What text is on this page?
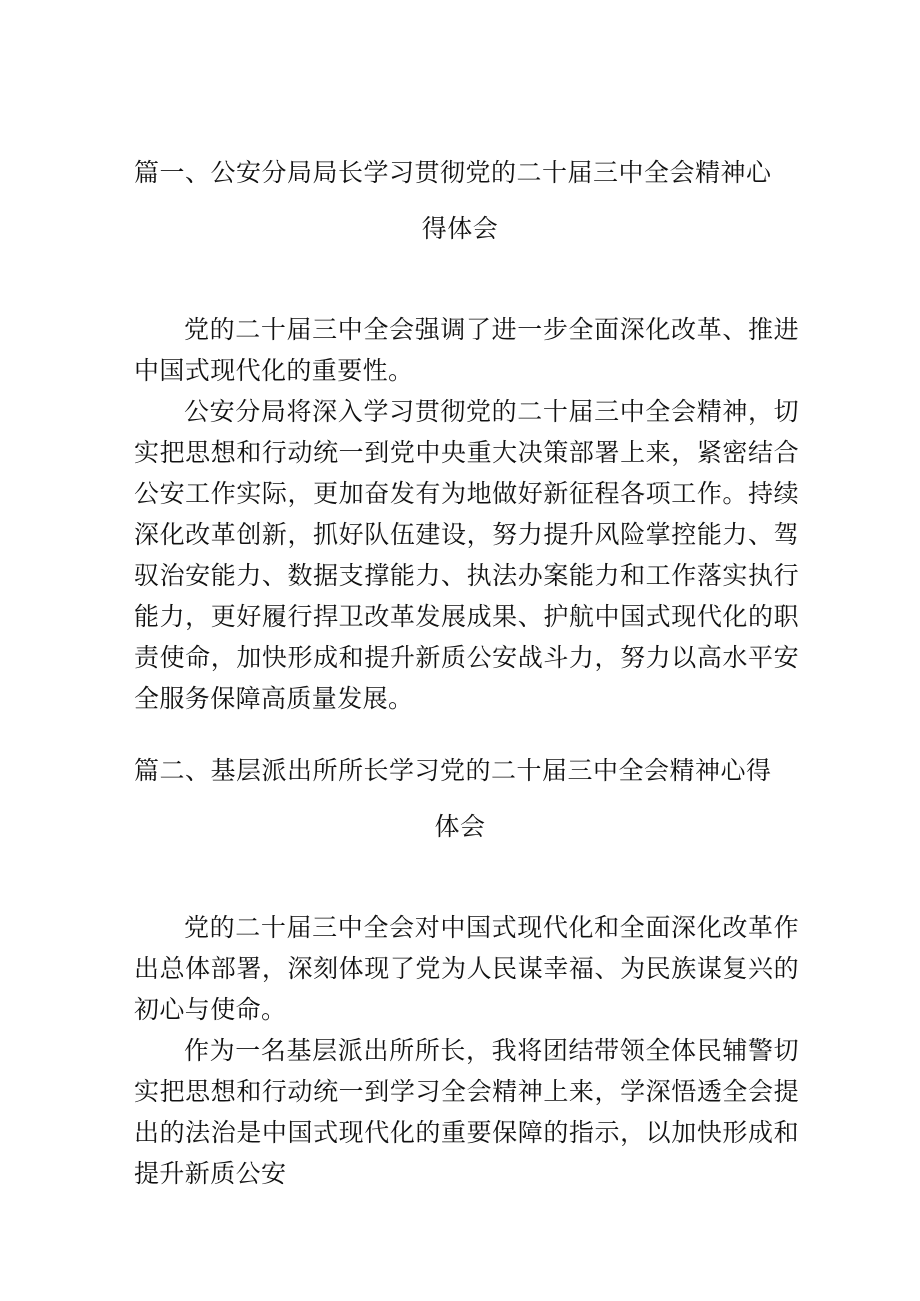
篇一、公安分局局长学习贯彻党的二十届三中全会精神心
得体会

党的二十届三中全会强调了进一步全面深化改革、推进中国式现代化的重要性。

公安分局将深入学习贯彻党的二十届三中全会精神，切实把思想和行动统一到党中央重大决策部署上来，紧密结合公安工作实际，更加奋发有为地做好新征程各项工作。持续深化改革创新，抓好队伍建设，努力提升风险掌控能力、驾驭治安能力、数据支撑能力、执法办案能力和工作落实执行能力，更好履行捍卫改革发展成果、护航中国式现代化的职责使命，加快形成和提升新质公安战斗力，努力以高水平安全服务保障高质量发展。

篇二、基层派出所所长学习党的二十届三中全会精神心得
体会

党的二十届三中全会对中国式现代化和全面深化改革作出总体部署，深刻体现了党为人民谋幸福、为民族谋复兴的初心与使命。

作为一名基层派出所所长，我将团结带领全体民辅警切实把思想和行动统一到学习全会精神上来，学深悟透全会提出的法治是中国式现代化的重要保障的指示，以加快形成和提升新质公安
